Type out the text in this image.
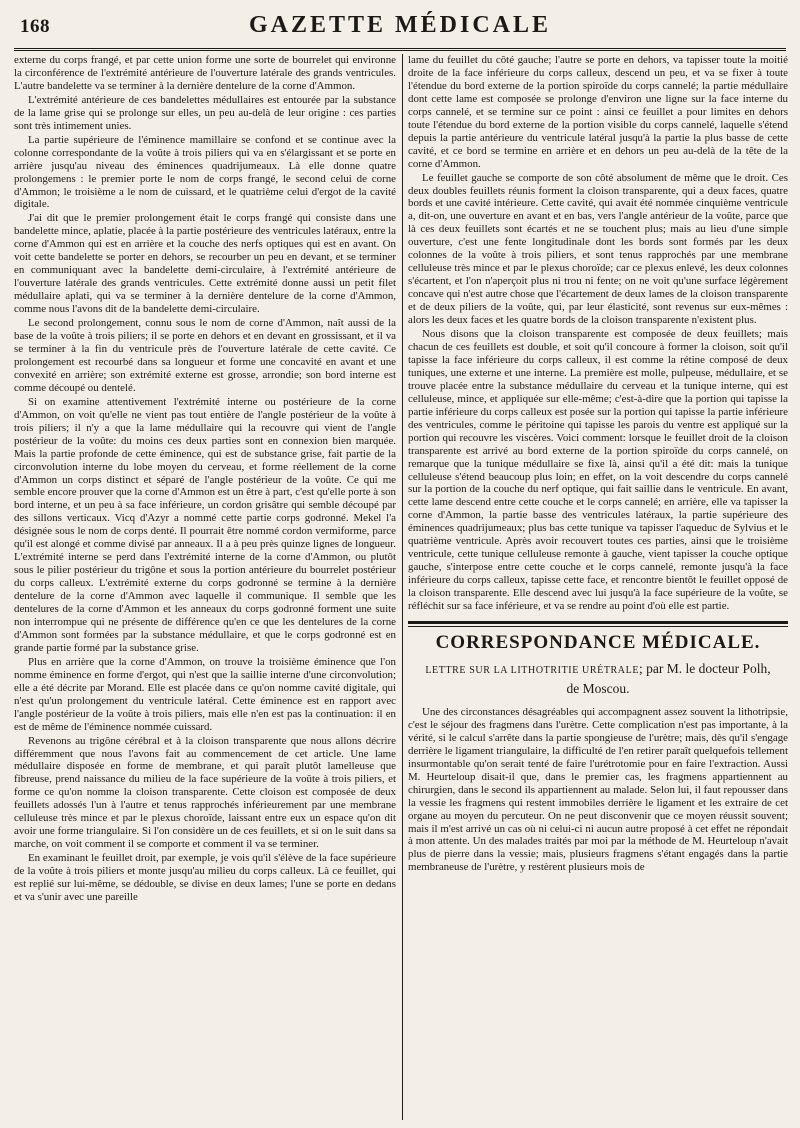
168	GAZETTE MÉDICALE

externe du corps frangé, et par cette union forme une sorte de bourrelet qui environne la circonférence de l'extrémité antérieure de l'ouverture latérale des grands ventricules. L'autre bandelette va se terminer à la dernière dentelure de la corne d'Ammon.

L'extrémité antérieure de ces bandelettes médullaires est entourée par la substance de la lame grise qui se prolonge sur elles, un peu au-delà de leur origine : ces parties sont très intimement unies.

La partie supérieure de l'éminence mamillaire se confond et se continue avec la colonne correspondante de la voûte à trois piliers qui va en s'élargissant et se porte en arrière jusqu'au niveau des éminences quadrijumeaux. Là elle donne quatre prolongemens : le premier porte le nom de corps frangé, le second celui de corne d'Ammon; le troisième a le nom de cuissard, et le quatrième celui d'ergot de la cavité digitale.

J'ai dit que le premier prolongement était le corps frangé qui consiste dans une bandelette mince, aplatie, placée à la partie postérieure des ventricules latéraux, entre la corne d'Ammon qui est en arrière et la couche des nerfs optiques qui est en avant. On voit cette bandelette se porter en dehors, se recourber un peu en devant, et se terminer en communiquant avec la bandelette demi-circulaire, à l'extrémité antérieure de l'ouverture latérale des grands ventricules. Cette extrémité donne aussi un petit filet médullaire aplati, qui va se terminer à la dernière dentelure de la corne d'Ammon, comme nous l'avons dit de la bandelette demi-circulaire.

Le second prolongement, connu sous le nom de corne d'Ammon, naît aussi de la base de la voûte à trois piliers; il se porte en dehors et en devant en grossissant, et il va se terminer à la fin du ventricule près de l'ouverture latérale de cette cavité. Ce prolongement est recourbé dans sa longueur et forme une concavité en avant et une convexité en arrière; son extrémité externe est grosse, arrondie; son bord interne est comme découpé ou dentelé.

Si on examine attentivement l'extrémité interne ou postérieure de la corne d'Ammon, on voit qu'elle ne vient pas tout entière de l'angle postérieur de la voûte à trois piliers; il n'y a que la lame médullaire qui la recouvre qui vient de l'angle postérieur de la voûte: du moins ces deux parties sont en connexion bien marquée. Mais la partie profonde de cette éminence, qui est de substance grise, fait partie de la circonvolution interne du lobe moyen du cerveau, et forme réellement de la corne d'Ammon un corps distinct et séparé de l'angle postérieur de la voûte. Ce qui me semble encore prouver que la corne d'Ammon est un être à part, c'est qu'elle porte à son bord interne, et un peu à sa face inférieure, un cordon grisâtre qui semble découpé par des sillons verticaux. Vicq d'Azyr a nommé cette partie corps godronné. Mekel l'a désignée sous le nom de corps denté. Il pourrait être nommé cordon vermiforme, parce qu'il est alongé et comme divisé par anneaux. Il a à peu près quinze lignes de longueur. L'extrémité interne se perd dans l'extrémité interne de la corne d'Ammon, ou plutôt sous le pilier postérieur du trigône et sous la portion antérieure du bourrelet postérieur du corps calleux. L'extrémité externe du corps godronné se termine à la dernière dentelure de la corne d'Ammon avec laquelle il communique. Il semble que les dentelures de la corne d'Ammon et les anneaux du corps godronné forment une suite non interrompue qui ne présente de différence qu'en ce que les dentelures de la corne d'Ammon sont formées par la substance médullaire, et que le corps godronné est en grande partie formé par la substance grise.

Plus en arrière que la corne d'Ammon, on trouve la troisième éminence que l'on nomme éminence en forme d'ergot, qui n'est que la saillie interne d'une circonvolution; elle a été décrite par Morand. Elle est placée dans ce qu'on nomme cavité digitale, qui n'est qu'un prolongement du ventricule latéral. Cette éminence est en rapport avec l'angle postérieur de la voûte à trois piliers, mais elle n'en est pas la continuation: il en est de même de l'éminence nommée cuissard.

Revenons au trigône cérébral et à la cloison transparente que nous allons décrire différemment que nous l'avons fait au commencement de cet article. Une lame médullaire disposée en forme de membrane, et qui paraît plutôt lamelleuse que fibreuse, prend naissance du milieu de la face supérieure de la voûte à trois piliers, et forme ce qu'on nomme la cloison transparente. Cette cloison est composée de deux feuillets adossés l'un à l'autre et tenus rapprochés inférieurement par une membrane celluleuse très mince et par le plexus choroïde, laissant entre eux un espace qu'on dit avoir une forme triangulaire. Si l'on considère un de ces feuillets, et si on le suit dans sa marche, on voit comment il se comporte et comment il va se terminer.

En examinant le feuillet droit, par exemple, je vois qu'il s'élève de la face supérieure de la voûte à trois piliers et monte jusqu'au milieu du corps calleux. Là ce feuillet, qui est replié sur lui-même, se dédouble, se divise en deux lames; l'une se porte en dedans et va s'unir avec une pareille

lame du feuillet du côté gauche; l'autre se porte en dehors, va tapisser toute la moitié droite de la face inférieure du corps calleux, descend un peu, et va se fixer à toute l'étendue du bord externe de la portion spiroïde du corps cannelé; la partie médullaire dont cette lame est composée se prolonge d'environ une ligne sur la face interne du corps cannelé, et se termine sur ce point : ainsi ce feuillet a pour limites en dehors toute l'étendue du bord externe de la portion visible du corps cannelé, laquelle s'étend depuis la partie antérieure du ventricule latéral jusqu'à la partie la plus basse de cette cavité, et ce bord se termine en arrière et en dehors un peu au-delà de la tête de la corne d'Ammon.

Le feuillet gauche se comporte de son côté absolument de même que le droit. Ces deux doubles feuillets réunis forment la cloison transparente, qui a deux faces, quatre bords et une cavité intérieure. Cette cavité, qui avait été nommée cinquième ventricule a, dit-on, une ouverture en avant et en bas, vers l'angle antérieur de la voûte, parce que là ces deux feuillets sont écartés et ne se touchent plus; mais au lieu d'une simple ouverture, c'est une fente longitudinale dont les bords sont formés par les deux colonnes de la voûte à trois piliers, et sont tenus rapprochés par une membrane celluleuse très mince et par le plexus choroïde; car ce plexus enlevé, les deux colonnes s'écartent, et l'on n'aperçoit plus ni trou ni fente; on ne voit qu'une surface légèrement concave qui n'est autre chose que l'écartement de deux lames de la cloison transparente et de deux piliers de la voûte, qui, par leur élasticité, sont revenus sur eux-mêmes : alors les deux faces et les quatre bords de la cloison transparente n'existent plus.

Nous disons que la cloison transparente est composée de deux feuillets; mais chacun de ces feuillets est double, et soit qu'il concoure à former la cloison, soit qu'il tapisse la face inférieure du corps calleux, il est comme la rétine composé de deux tuniques, une externe et une interne. La première est molle, pulpeuse, médullaire, et se trouve placée entre la substance médullaire du cerveau et la tunique interne, qui est celluleuse, mince, et appliquée sur elle-même; c'est-à-dire que la portion qui tapisse la partie inférieure du corps calleux est posée sur la portion qui tapisse la partie inférieure des ventricules, comme le péritoine qui tapisse les parois du ventre est appliqué sur la portion qui recouvre les viscères. Voici comment: lorsque le feuillet droit de la cloison transparente est arrivé au bord externe de la portion spiroïde du corps cannelé, on remarque que la tunique médullaire se fixe là, ainsi qu'il a été dit: mais la tunique celluleuse s'étend beaucoup plus loin; en effet, on la voit descendre du corps cannelé sur la portion de la couche du nerf optique, qui fait saillie dans le ventricule. En avant, cette lame descend entre cette couche et le corps cannelé; en arrière, elle va tapisser la corne d'Ammon, la partie basse des ventricules latéraux, la partie supérieure des éminences quadrijumeaux; plus bas cette tunique va tapisser l'aqueduc de Sylvius et le quatrième ventricule. Après avoir recouvert toutes ces parties, ainsi que le troisième ventricule, cette tunique celluleuse remonte à gauche, vient tapisser la couche optique gauche, s'interpose entre cette couche et le corps cannelé, remonte jusqu'à la face inférieure du corps calleux, tapisse cette face, et rencontre bientôt le feuillet opposé de la cloison transparente. Elle descend avec lui jusqu'à la face supérieure de la voûte, se réfléchit sur sa face inférieure, et va se rendre au point d'où elle est partie.

CORRESPONDANCE MÉDICALE.
LETTRE SUR LA LITHOTRITIE URÉTRALE; par M. le docteur Polh, de Moscou.

Une des circonstances désagréables qui accompagnent assez souvent la lithotripsie, c'est le séjour des fragmens dans l'urètre. Cette complication n'est pas importante, à la vérité, si le calcul s'arrête dans la partie spongieuse de l'urètre; mais, dès qu'il s'engage derrière le ligament triangulaire, la difficulté de l'en retirer paraît quelquefois tellement insurmontable qu'on serait tenté de faire l'urétrotomie pour en faire l'extraction. Aussi M. Heurteloup disait-il que, dans le premier cas, les fragmens appartiennent au chirurgien, dans le second ils appartiennent au malade. Selon lui, il faut repousser dans la vessie les fragmens qui restent immobiles derrière le ligament et les extraire de cet organe au moyen du percuteur. On ne peut disconvenir que ce moyen réussit souvent; mais il m'est arrivé un cas où ni celui-ci ni aucun autre proposé à cet effet ne répondait à mon attente. Un des malades traités par moi par la méthode de M. Heurteloup n'avait plus de pierre dans la vessie; mais, plusieurs fragmens s'étant engagés dans la partie membraneuse de l'urètre, y restèrent plusieurs mois de
